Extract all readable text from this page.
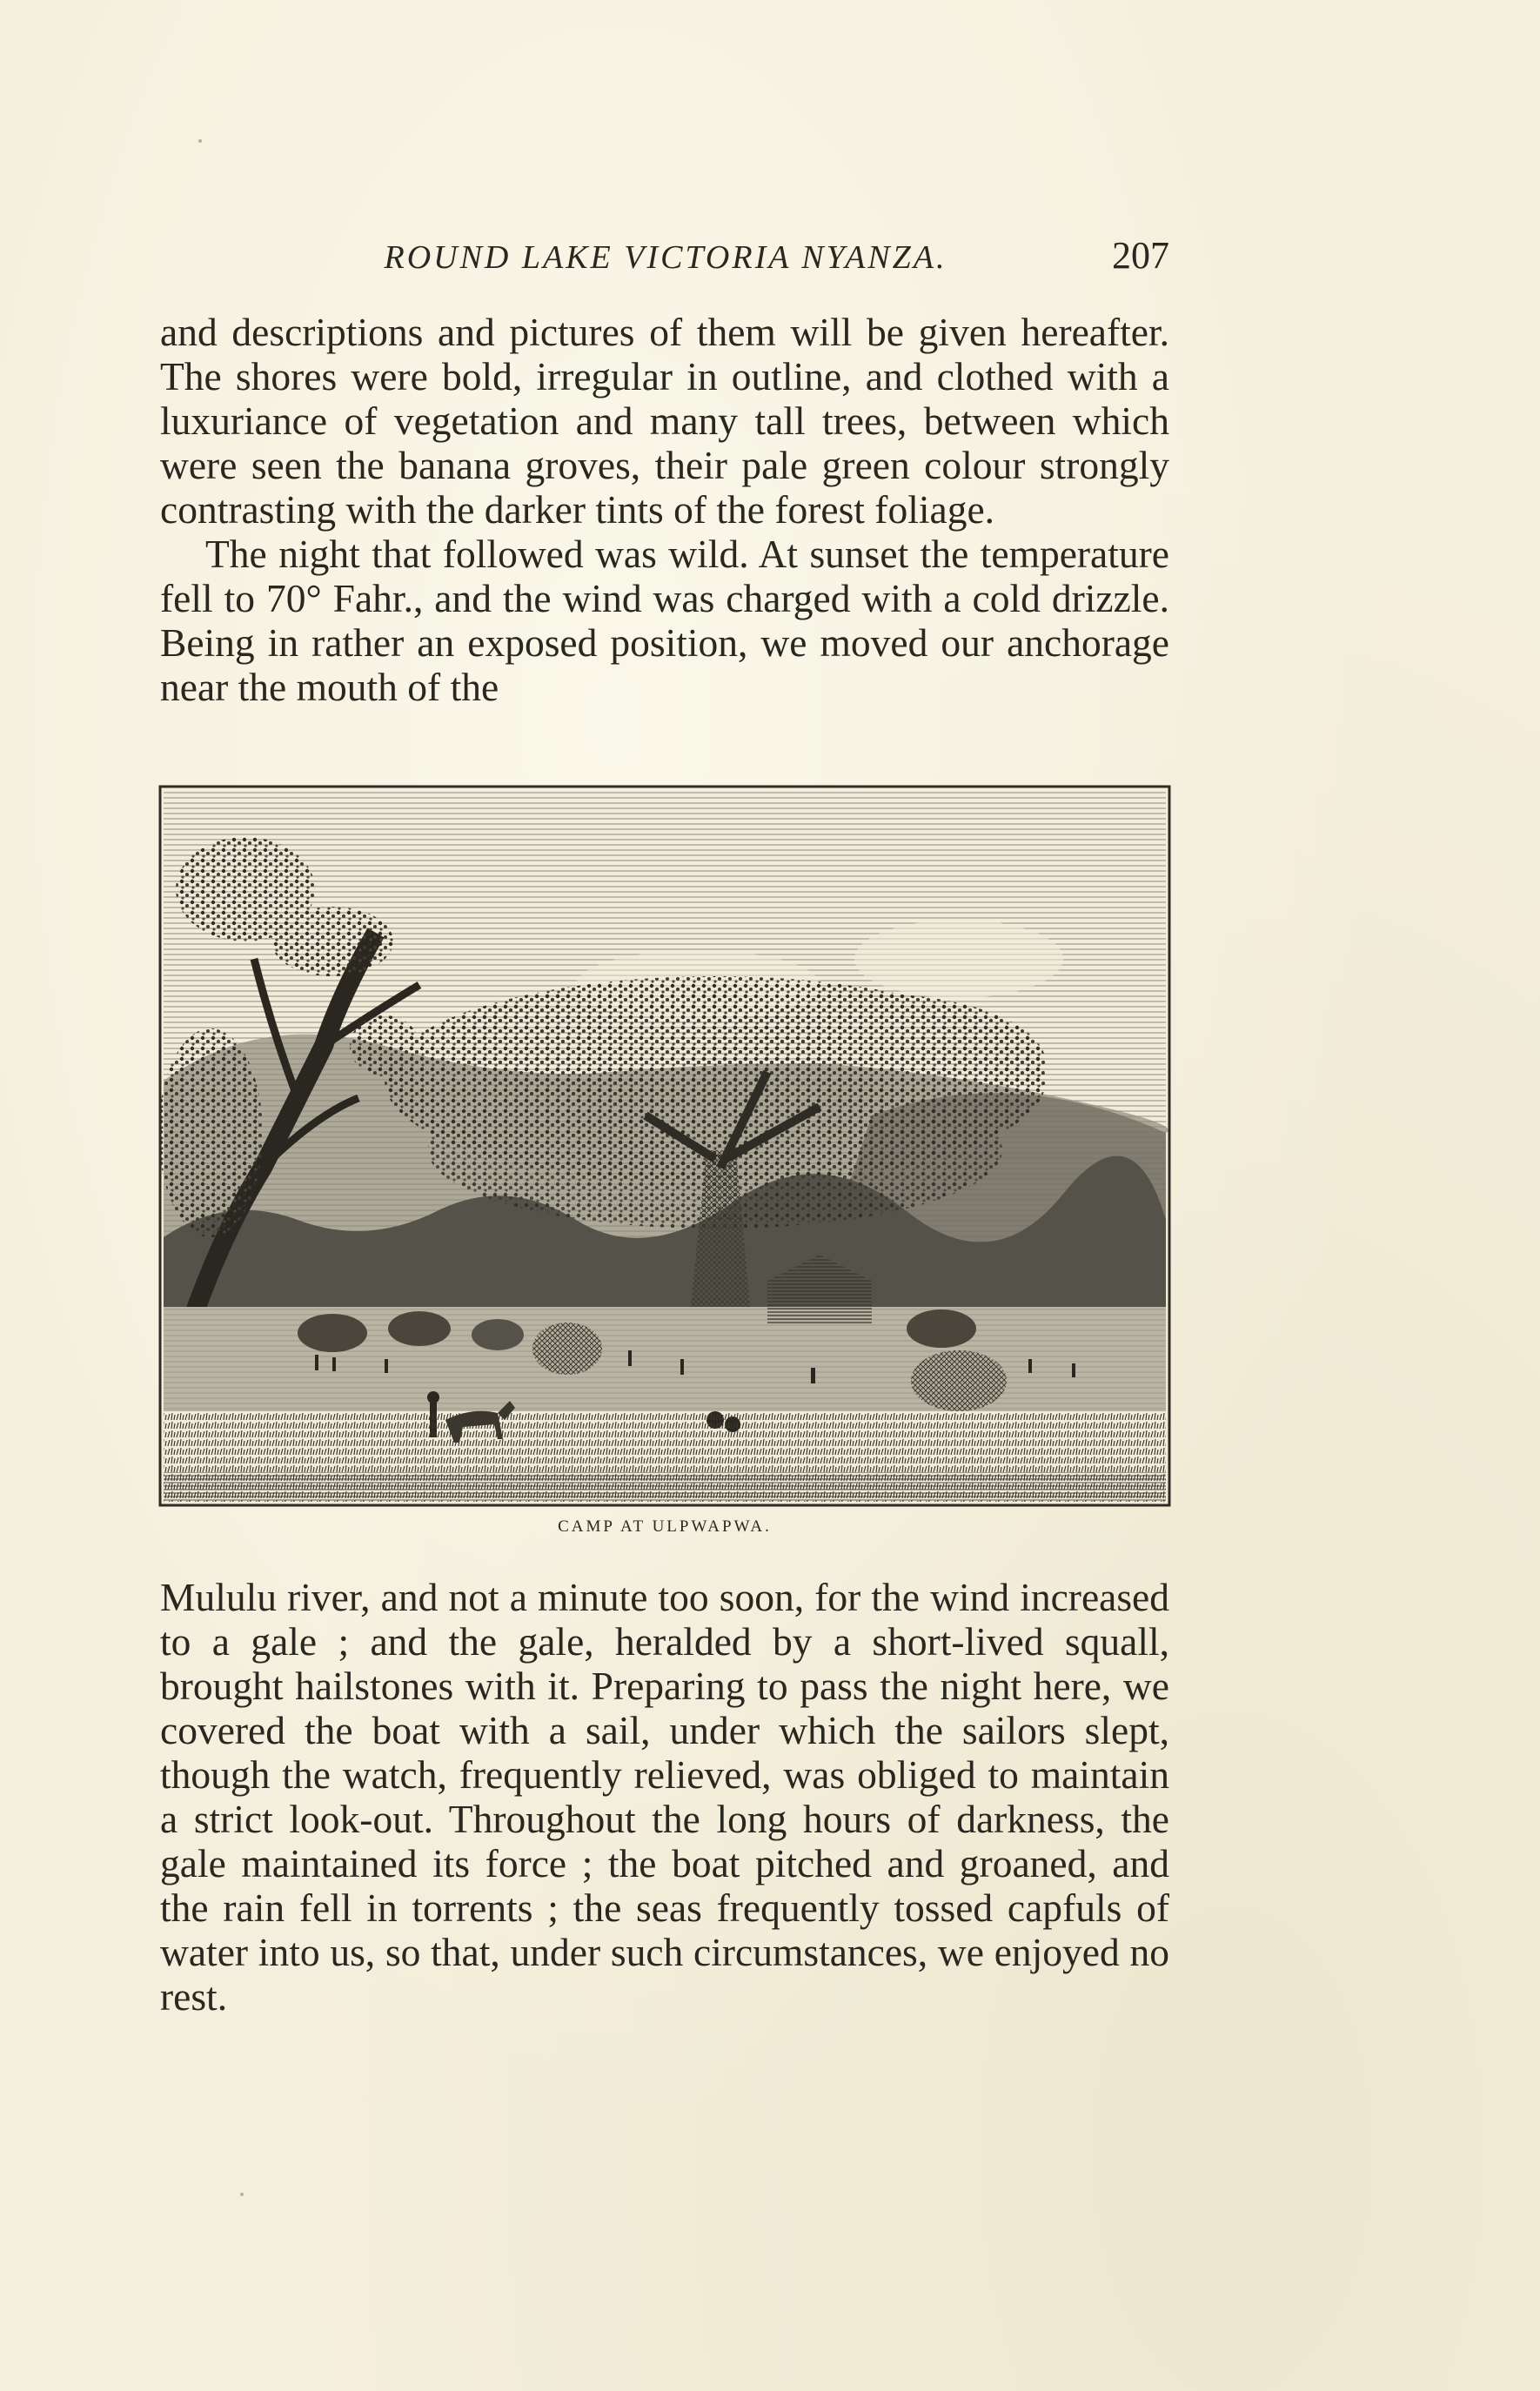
ROUND LAKE VICTORIA NYANZA.	207

and descriptions and pictures of them will be given hereafter. The shores were bold, irregular in outline, and clothed with a luxuriance of vegetation and many tall trees, between which were seen the banana groves, their pale green colour strongly contrasting with the darker tints of the forest foliage.

The night that followed was wild. At sunset the temperature fell to 70° Fahr., and the wind was charged with a cold drizzle. Being in rather an exposed position, we moved our anchorage near the mouth of the

CAMP AT ULPWAPWA.

Mululu river, and not a minute too soon, for the wind increased to a gale ; and the gale, heralded by a short-lived squall, brought hailstones with it. Preparing to pass the night here, we covered the boat with a sail, under which the sailors slept, though the watch, frequently relieved, was obliged to maintain a strict look-out. Throughout the long hours of darkness, the gale maintained its force ; the boat pitched and groaned, and the rain fell in torrents ; the seas frequently tossed capfuls of water into us, so that, under such circumstances, we enjoyed no rest.
